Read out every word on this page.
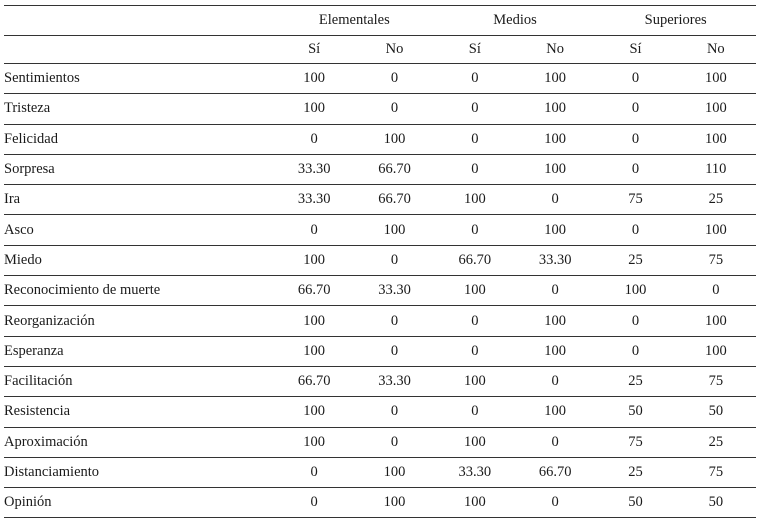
	Elementales		Medios		Superiores	
	Sí	No	Sí	No	Sí	No
Sentimientos	100	0	0	100	0	100
Tristeza	100	0	0	100	0	100
Felicidad	0	100	0	100	0	100
Sorpresa	33.30	66.70	0	100	0	110
Ira	33.30	66.70	100	0	75	25
Asco	0	100	0	100	0	100
Miedo	100	0	66.70	33.30	25	75
Reconocimiento de muerte	66.70	33.30	100	0	100	0
Reorganización	100	0	0	100	0	100
Esperanza	100	0	0	100	0	100
Facilitación	66.70	33.30	100	0	25	75
Resistencia	100	0	0	100	50	50
Aproximación	100	0	100	0	75	25
Distanciamiento	0	100	33.30	66.70	25	75
Opinión	0	100	100	0	50	50
